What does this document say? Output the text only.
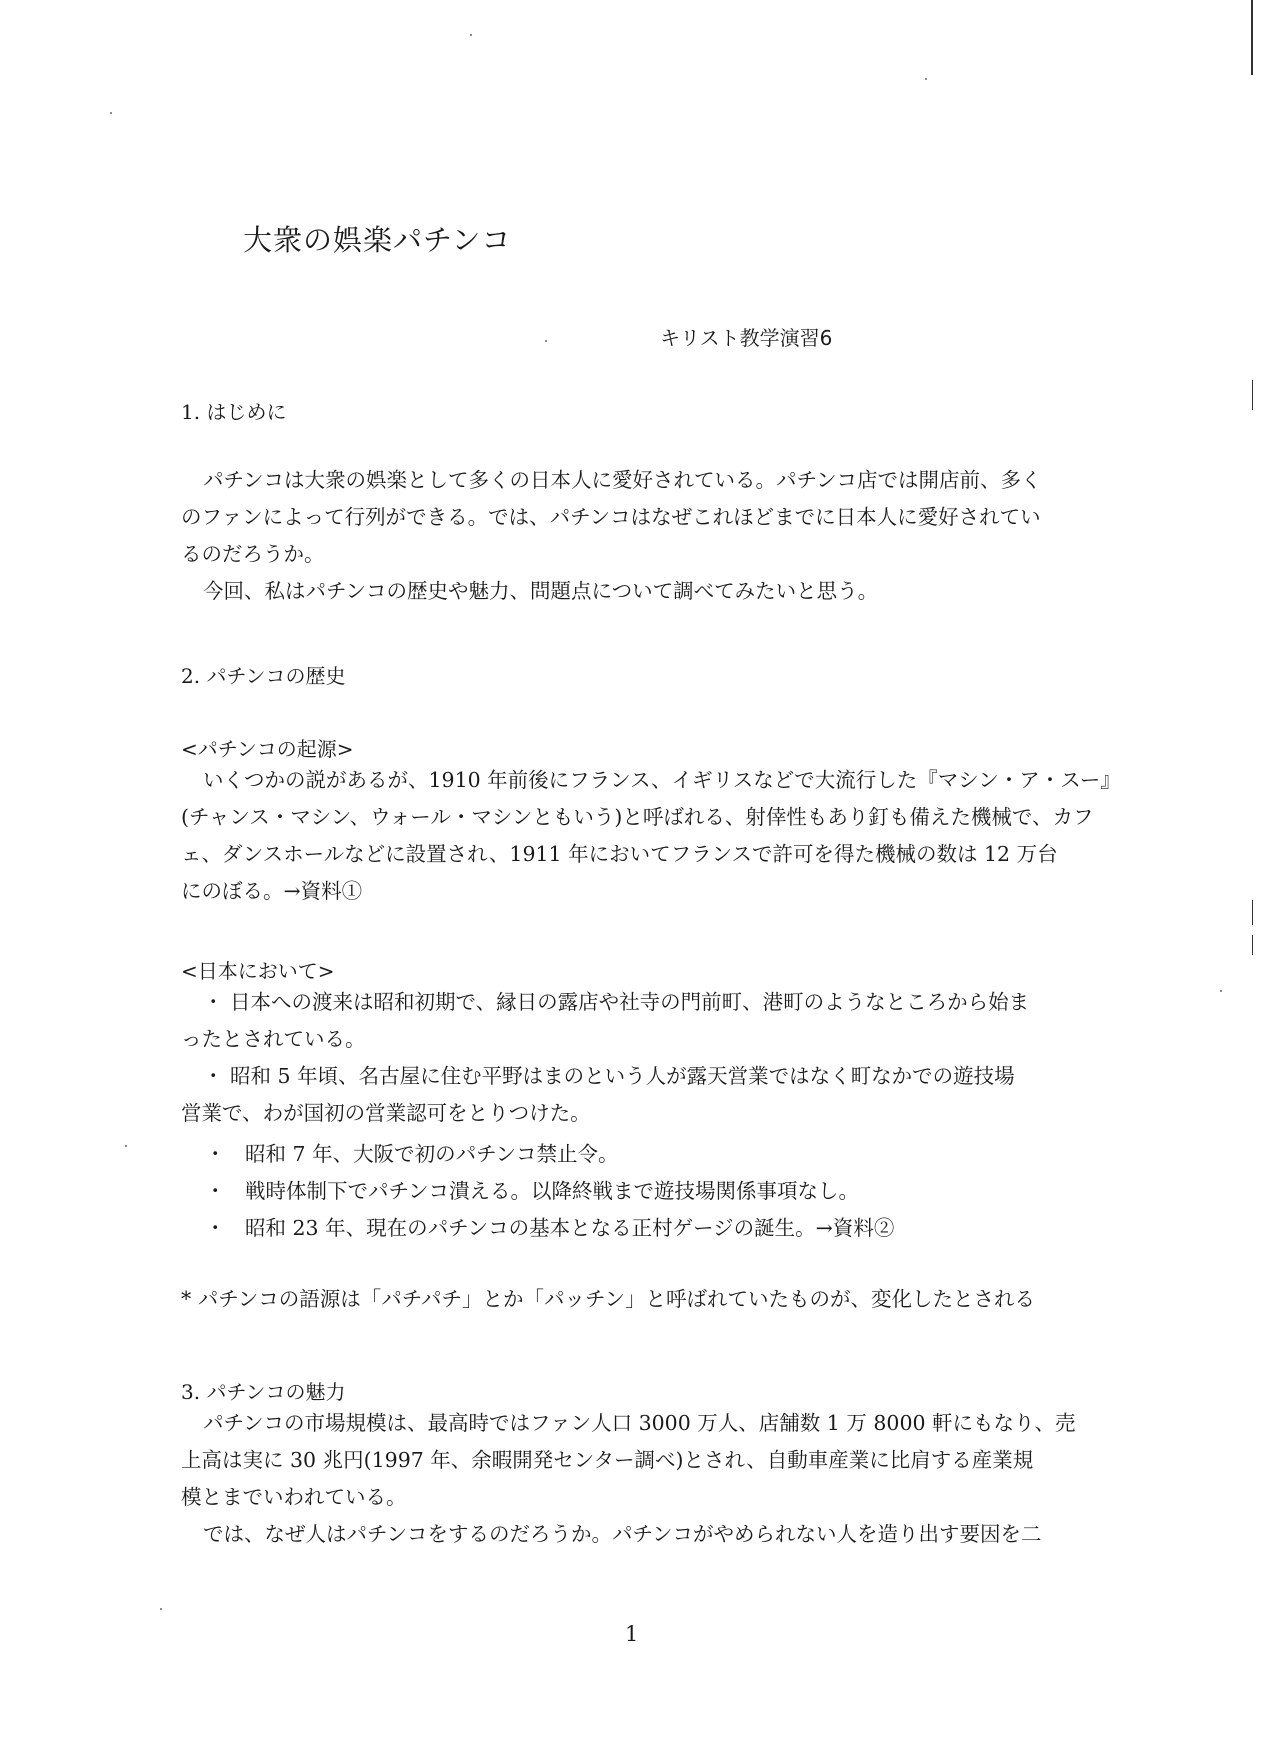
大衆の娯楽パチンコ
キリスト教学演習6
1. はじめに
パチンコは大衆の娯楽として多くの日本人に愛好されている。パチンコ店では開店前、多く
のファンによって行列ができる。では、パチンコはなぜこれほどまでに日本人に愛好されてい
るのだろうか。
今回、私はパチンコの歴史や魅力、問題点について調べてみたいと思う。
2. パチンコの歴史
<パチンコの起源>
いくつかの説があるが、1910 年前後にフランス、イギリスなどで大流行した『マシン・ア・スー』
(チャンス・マシン、ウォール・マシンともいう)と呼ばれる、射倖性もあり釘も備えた機械で、カフ
ェ、ダンスホールなどに設置され、1911 年においてフランスで許可を得た機械の数は 12 万台
にのぼる。→資料①
<日本において>
・ 日本への渡来は昭和初期で、縁日の露店や社寺の門前町、港町のようなところから始ま
ったとされている。
・ 昭和 5 年頃、名古屋に住む平野はまのという人が露天営業ではなく町なかでの遊技場
営業で、わが国初の営業認可をとりつけた。
・ 昭和 7 年、大阪で初のパチンコ禁止令。
・ 戦時体制下でパチンコ潰える。以降終戦まで遊技場関係事項なし。
・ 昭和 23 年、現在のパチンコの基本となる正村ゲージの誕生。→資料②
* パチンコの語源は「パチパチ」とか「パッチン」と呼ばれていたものが、変化したとされる
3. パチンコの魅力
パチンコの市場規模は、最高時ではファン人口 3000 万人、店舗数 1 万 8000 軒にもなり、売
上高は実に 30 兆円(1997 年、余暇開発センター調べ)とされ、自動車産業に比肩する産業規
模とまでいわれている。
では、なぜ人はパチンコをするのだろうか。パチンコがやめられない人を造り出す要因を二
1
